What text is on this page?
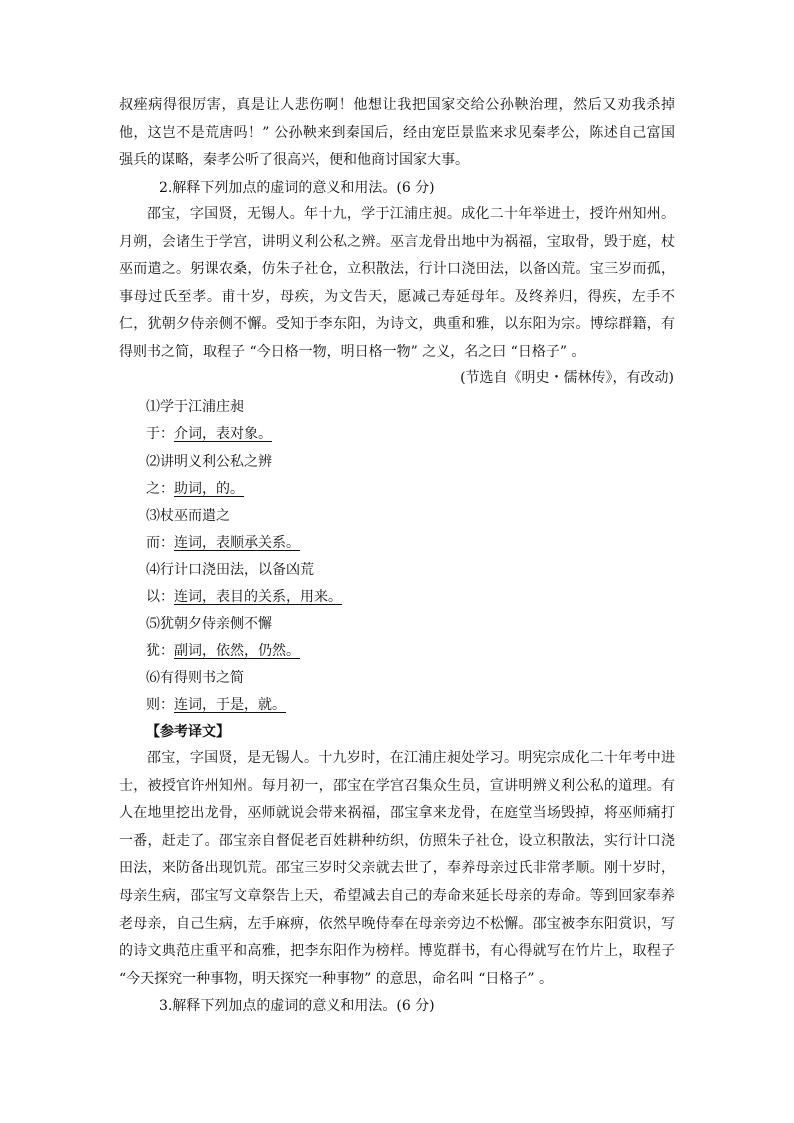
叔痤病得很厉害，真是让人悲伤啊！他想让我把国家交给公孙鞅治理，然后又劝我杀掉他，这岂不是荒唐吗！” 公孙鞅来到秦国后，经由宠臣景监来求见秦孝公，陈述自己富国强兵的谋略，秦孝公听了很高兴，便和他商讨国家大事。

2.解释下列加点的虚词的意义和用法。(6 分)

邵宝，字国贤，无锡人。年十九，学于江浦庄昶。成化二十年举进士，授许州知州。月朔，会诸生于学宫，讲明义利公私之辨。巫言龙骨出地中为祸福，宝取骨，毁于庭，杖巫而遣之。躬课农桑，仿朱子社仓，立积散法，行计口浇田法，以备凶荒。宝三岁而孤，事母过氏至孝。甫十岁，母疾，为文告天，愿减己寿延母年。及终养归，得疾，左手不仁，犹朝夕侍亲侧不懈。受知于李东阳，为诗文，典重和雅，以东阳为宗。博综群籍，有得则书之简，取程子 “今日格一物，明日格一物” 之义，名之曰 “日格子” 。

(节选自《明史・儒林传》，有改动)
⑴学于江浦庄昶
于：介词，表对象。
⑵讲明义利公私之辨
之：助词，的。
⑶杖巫而遣之
而：连词，表顺承关系。
⑷行计口浇田法，以备凶荒
以：连词，表目的关系，用来。
⑸犹朝夕侍亲侧不懈
犹：副词，依然，仍然。
⑹有得则书之简
则：连词，于是，就。
【参考译文】

邵宝，字国贤，是无锡人。十九岁时，在江浦庄昶处学习。明宪宗成化二十年考中进士，被授官许州知州。每月初一，邵宝在学宫召集众生员，宣讲明辨义利公私的道理。有人在地里挖出龙骨，巫师就说会带来祸福，邵宝拿来龙骨，在庭堂当场毁掉，将巫师痛打一番，赶走了。邵宝亲自督促老百姓耕种纺织，仿照朱子社仓，设立积散法，实行计口浇田法，来防备出现饥荒。邵宝三岁时父亲就去世了，奉养母亲过氏非常孝顺。刚十岁时，母亲生病，邵宝写文章祭告上天，希望减去自己的寿命来延长母亲的寿命。等到回家奉养老母亲，自己生病，左手麻痹，依然早晚侍奉在母亲旁边不松懈。邵宝被李东阳赏识，写的诗文典范庄重平和高雅，把李东阳作为榜样。博览群书，有心得就写在竹片上，取程子 “今天探究一种事物，明天探究一种事物” 的意思，命名叫 “日格子” 。

3.解释下列加点的虚词的意义和用法。(6 分)
